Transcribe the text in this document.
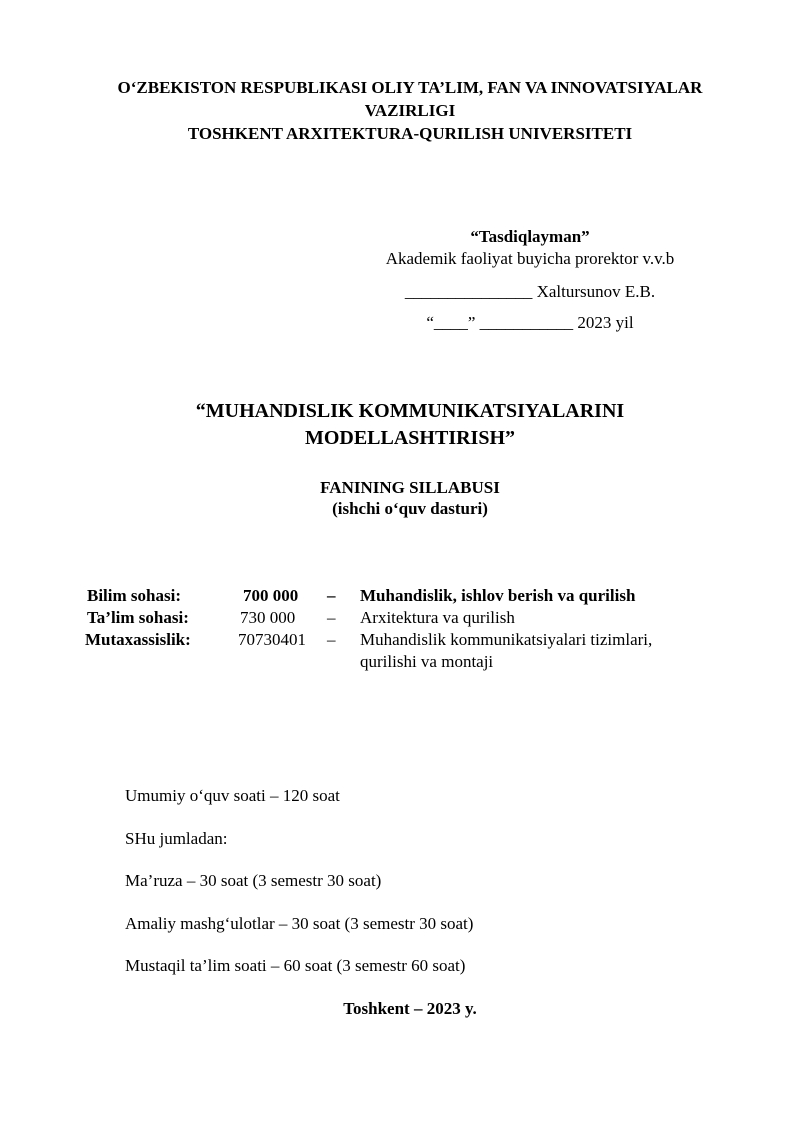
O‘ZBEKISTON RESPUBLIKASI OLIY TA’LIM, FAN VA INNOVATSIYALAR
VAZIRLIGI
TOSHKENT ARXITEKTURA-QURILISH UNIVERSITETI
“Tasdiqlayman”
Akademik faoliyat buyicha prorektor v.v.b
_______________ Xaltursunov E.B.
“____” ___________ 2023 yil
“MUHANDISLIK KOMMUNIKATSIYALARINI
MODELLASHTIRISH”
FANINING SILLABUSI
(ishchi o‘quv dasturi)
Bilim sohasi:	700 000 – Muhandislik, ishlov berish va qurilish
Ta’lim sohasi:	730 000 – Arxitektura va qurilish
Mutaxassislik:	70730401 – Muhandislik kommunikatsiyalari tizimlari,
qurilishi va montaji
Umumiy o‘quv soati – 120 soat
SHu jumladan:
Ma’ruza – 30 soat (3 semestr 30 soat)
Amaliy mashg‘ulotlar – 30 soat (3 semestr 30 soat)
Mustaqil ta’lim soati – 60 soat (3 semestr 60 soat)
Toshkent – 2023 y.
